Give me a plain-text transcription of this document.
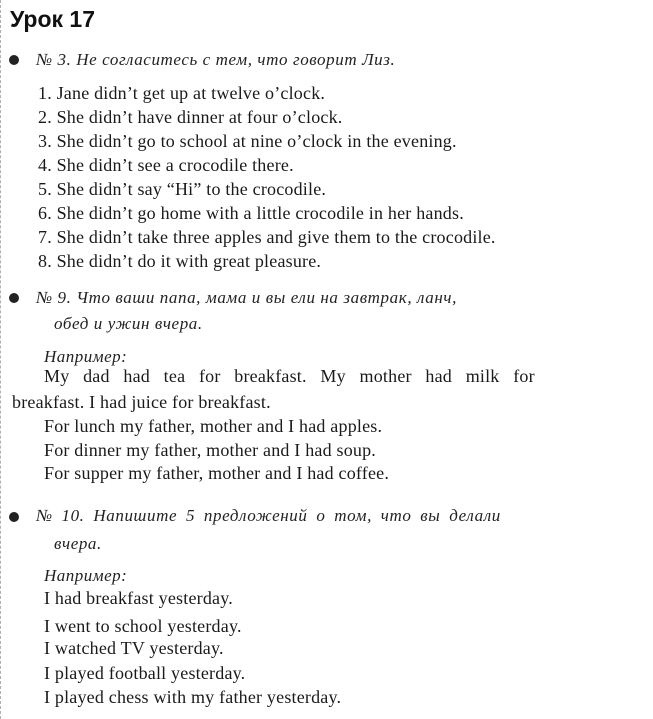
Урок 17
№ 3. Не согласитесь с тем, что говорит Лиз.
1. Jane didn’t get up at twelve o’clock.
2. She didn’t have dinner at four o’clock.
3. She didn’t go to school at nine o’clock in the evening.
4. She didn’t see a crocodile there.
5. She didn’t say “Hi” to the crocodile.
6. She didn’t go home with a little crocodile in her hands.
7. She didn’t take three apples and give them to the crocodile.
8. She didn’t do it with great pleasure.
№ 9. Что ваши папа, мама и вы ели на завтрак, ланч,
обед и ужин вчера.
Например:
My dad had tea for breakfast. My mother had milk for
breakfast. I had juice for breakfast.
For lunch my father, mother and I had apples.
For dinner my father, mother and I had soup.
For supper my father, mother and I had coffee.
№ 10. Напишите 5 предложений о том, что вы делали
вчера.
Например:
I had breakfast yesterday.
I went to school yesterday.
I watched TV yesterday.
I played football yesterday.
I played chess with my father yesterday.
